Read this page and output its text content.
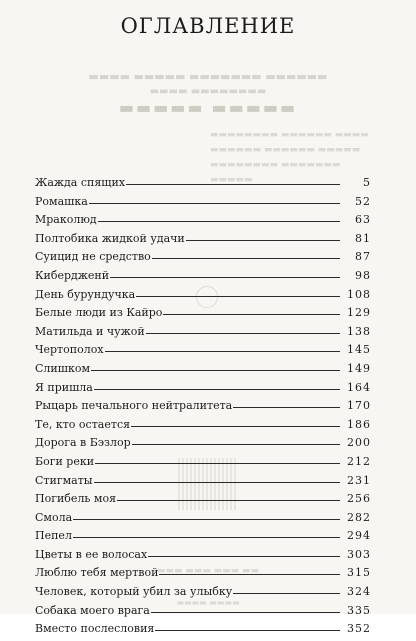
▬▬▬▬ ▬▬▬▬▬ ▬▬▬▬▬▬▬ ▬▬▬▬▬▬
▬▬▬▬ ▬▬▬▬▬▬▬▬
▬▬▬▬▬ ▬▬▬▬▬
▬▬▬▬▬▬▬▬ ▬▬▬▬▬▬ ▬▬▬▬
▬▬▬▬▬▬ ▬▬▬▬▬▬ ▬▬▬▬▬
▬▬▬▬▬▬▬▬ ▬▬▬▬▬▬▬ ▬▬▬▬▬
▬▬▬ ▬▬▬ ▬▬▬ ▬▬
▬▬▬▬ ▬▬▬▬
ОГЛАВЛЕНИЕ
Жажда спящих	5
Ромашка	52
Мраколюд	63
Полтобика жидкой удачи	81
Суицид не средство	87
Кибердженй	98
День бурундучка	108
Белые люди из Кайро	129
Матильда и чужой	138
Чертополох	145
Слишком	149
Я пришла	164
Рыцарь печального нейтралитета	170
Те, кто остается	186
Дорога в Бэзлор	200
Боги реки	212
Стигматы	231
Погибель моя	256
Смола	282
Пепел	294
Цветы в ее волосах	303
Люблю тебя мертвой	315
Человек, который убил за улыбку	324
Собака моего врага	335
Вместо послесловия	352
